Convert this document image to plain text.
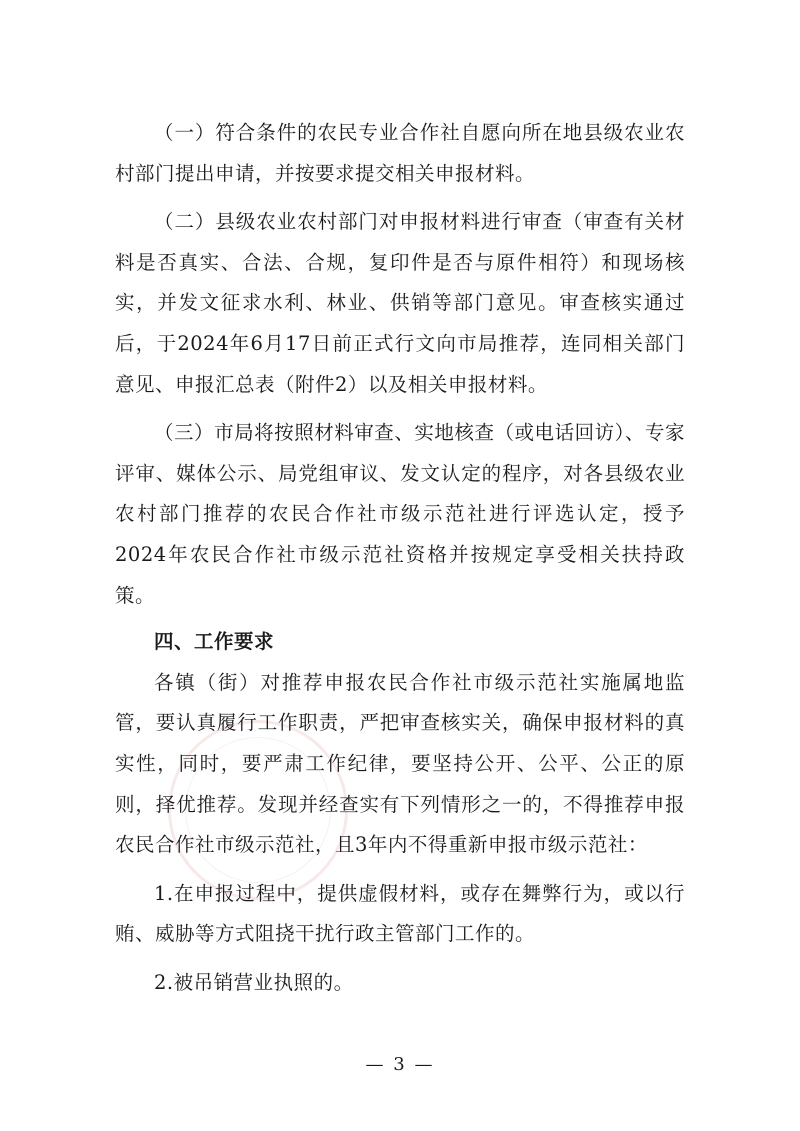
（一）符合条件的农民专业合作社自愿向所在地县级农业农村部门提出申请，并按要求提交相关申报材料。

（二）县级农业农村部门对申报材料进行审查（审查有关材料是否真实、合法、合规，复印件是否与原件相符）和现场核实，并发文征求水利、林业、供销等部门意见。审查核实通过后，于2024年6月17日前正式行文向市局推荐，连同相关部门意见、申报汇总表（附件2）以及相关申报材料。

（三）市局将按照材料审查、实地核查（或电话回访）、专家评审、媒体公示、局党组审议、发文认定的程序，对各县级农业农村部门推荐的农民合作社市级示范社进行评选认定，授予2024年农民合作社市级示范社资格并按规定享受相关扶持政策。

四、工作要求

各镇（街）对推荐申报农民合作社市级示范社实施属地监管，要认真履行工作职责，严把审查核实关，确保申报材料的真实性，同时，要严肃工作纪律，要坚持公开、公平、公正的原则，择优推荐。发现并经查实有下列情形之一的，不得推荐申报农民合作社市级示范社，且3年内不得重新申报市级示范社：

1.在申报过程中，提供虚假材料，或存在舞弊行为，或以行贿、威胁等方式阻挠干扰行政主管部门工作的。

2.被吊销营业执照的。

— 3 —
